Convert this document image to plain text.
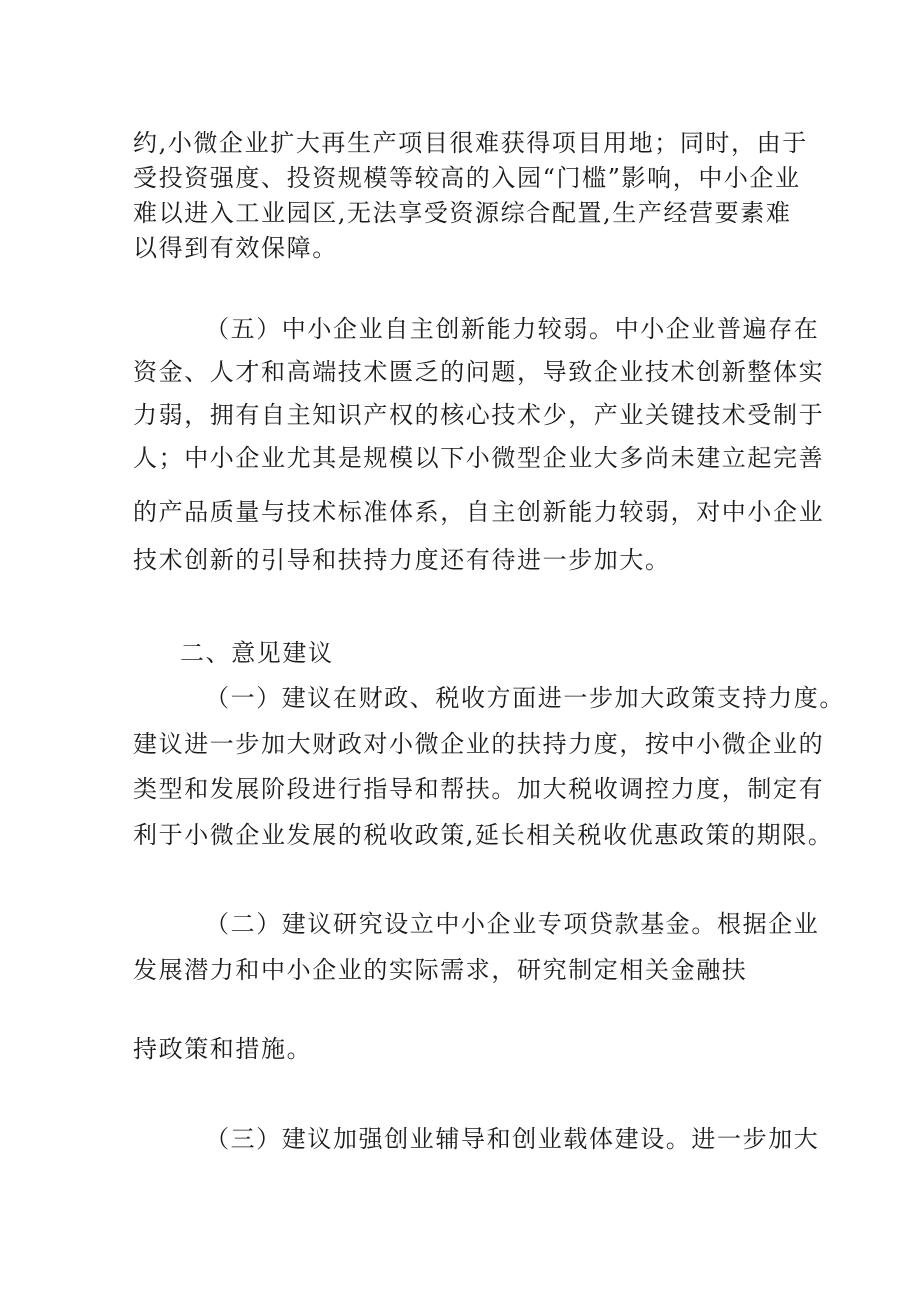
约,小微企业扩大再生产项目很难获得项目用地；同时，由于
受投资强度、投资规模等较高的入园“门槛”影响，中小企业
难以进入工业园区,无法享受资源综合配置,生产经营要素难
以得到有效保障。
（五）中小企业自主创新能力较弱。中小企业普遍存在
资金、人才和高端技术匮乏的问题，导致企业技术创新整体实
力弱，拥有自主知识产权的核心技术少，产业关键技术受制于
人；中小企业尤其是规模以下小微型企业大多尚未建立起完善
的产品质量与技术标准体系，自主创新能力较弱，对中小企业
技术创新的引导和扶持力度还有待进一步加大。
二、意见建议
（一）建议在财政、税收方面进一步加大政策支持力度。
建议进一步加大财政对小微企业的扶持力度，按中小微企业的
类型和发展阶段进行指导和帮扶。加大税收调控力度，制定有
利于小微企业发展的税收政策,延长相关税收优惠政策的期限。
（二）建议研究设立中小企业专项贷款基金。根据企业
发展潜力和中小企业的实际需求，研究制定相关金融扶
持政策和措施。
（三）建议加强创业辅导和创业载体建设。进一步加大
